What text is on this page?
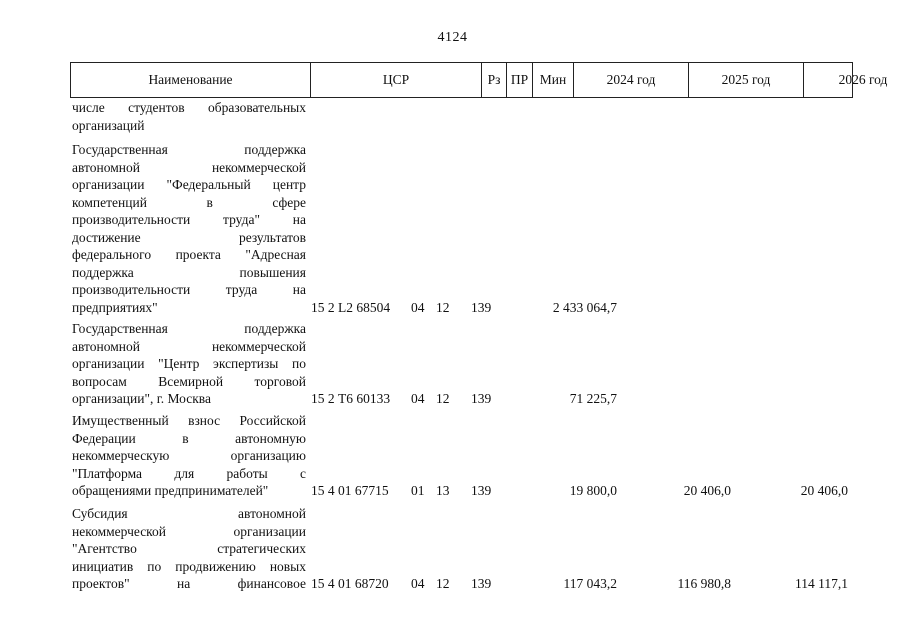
4124
Наименование	ЦСР	Рз ПР Мин	2024 год	2025 год	2026 год
числе студентов образовательных
организаций
Государственная поддержка
автономной некоммерческой
организации "Федеральный центр
компетенций в сфере
производительности труда" на
достижение результатов
федерального проекта "Адресная
поддержка повышения
производительности труда на
предприятиях"	15 2 L2 68504	04 12	139	2 433 064,7
Государственная поддержка
автономной некоммерческой
организации "Центр экспертизы по
вопросам Всемирной торговой
организации", г. Москва	15 2 Т6 60133	04 12	139	71 225,7
Имущественный взнос Российской
Федерации в автономную
некоммерческую организацию
"Платформа для работы с
обращениями предпринимателей"	15 4 01 67715	01 13	139	19 800,0	20 406,0	20 406,0
Субсидия автономной
некоммерческой организации
"Агентство стратегических
инициатив по продвижению новых
проектов" на финансовое 15 4 01 68720	04 12	139	117 043,2	116 980,8	114 117,1
